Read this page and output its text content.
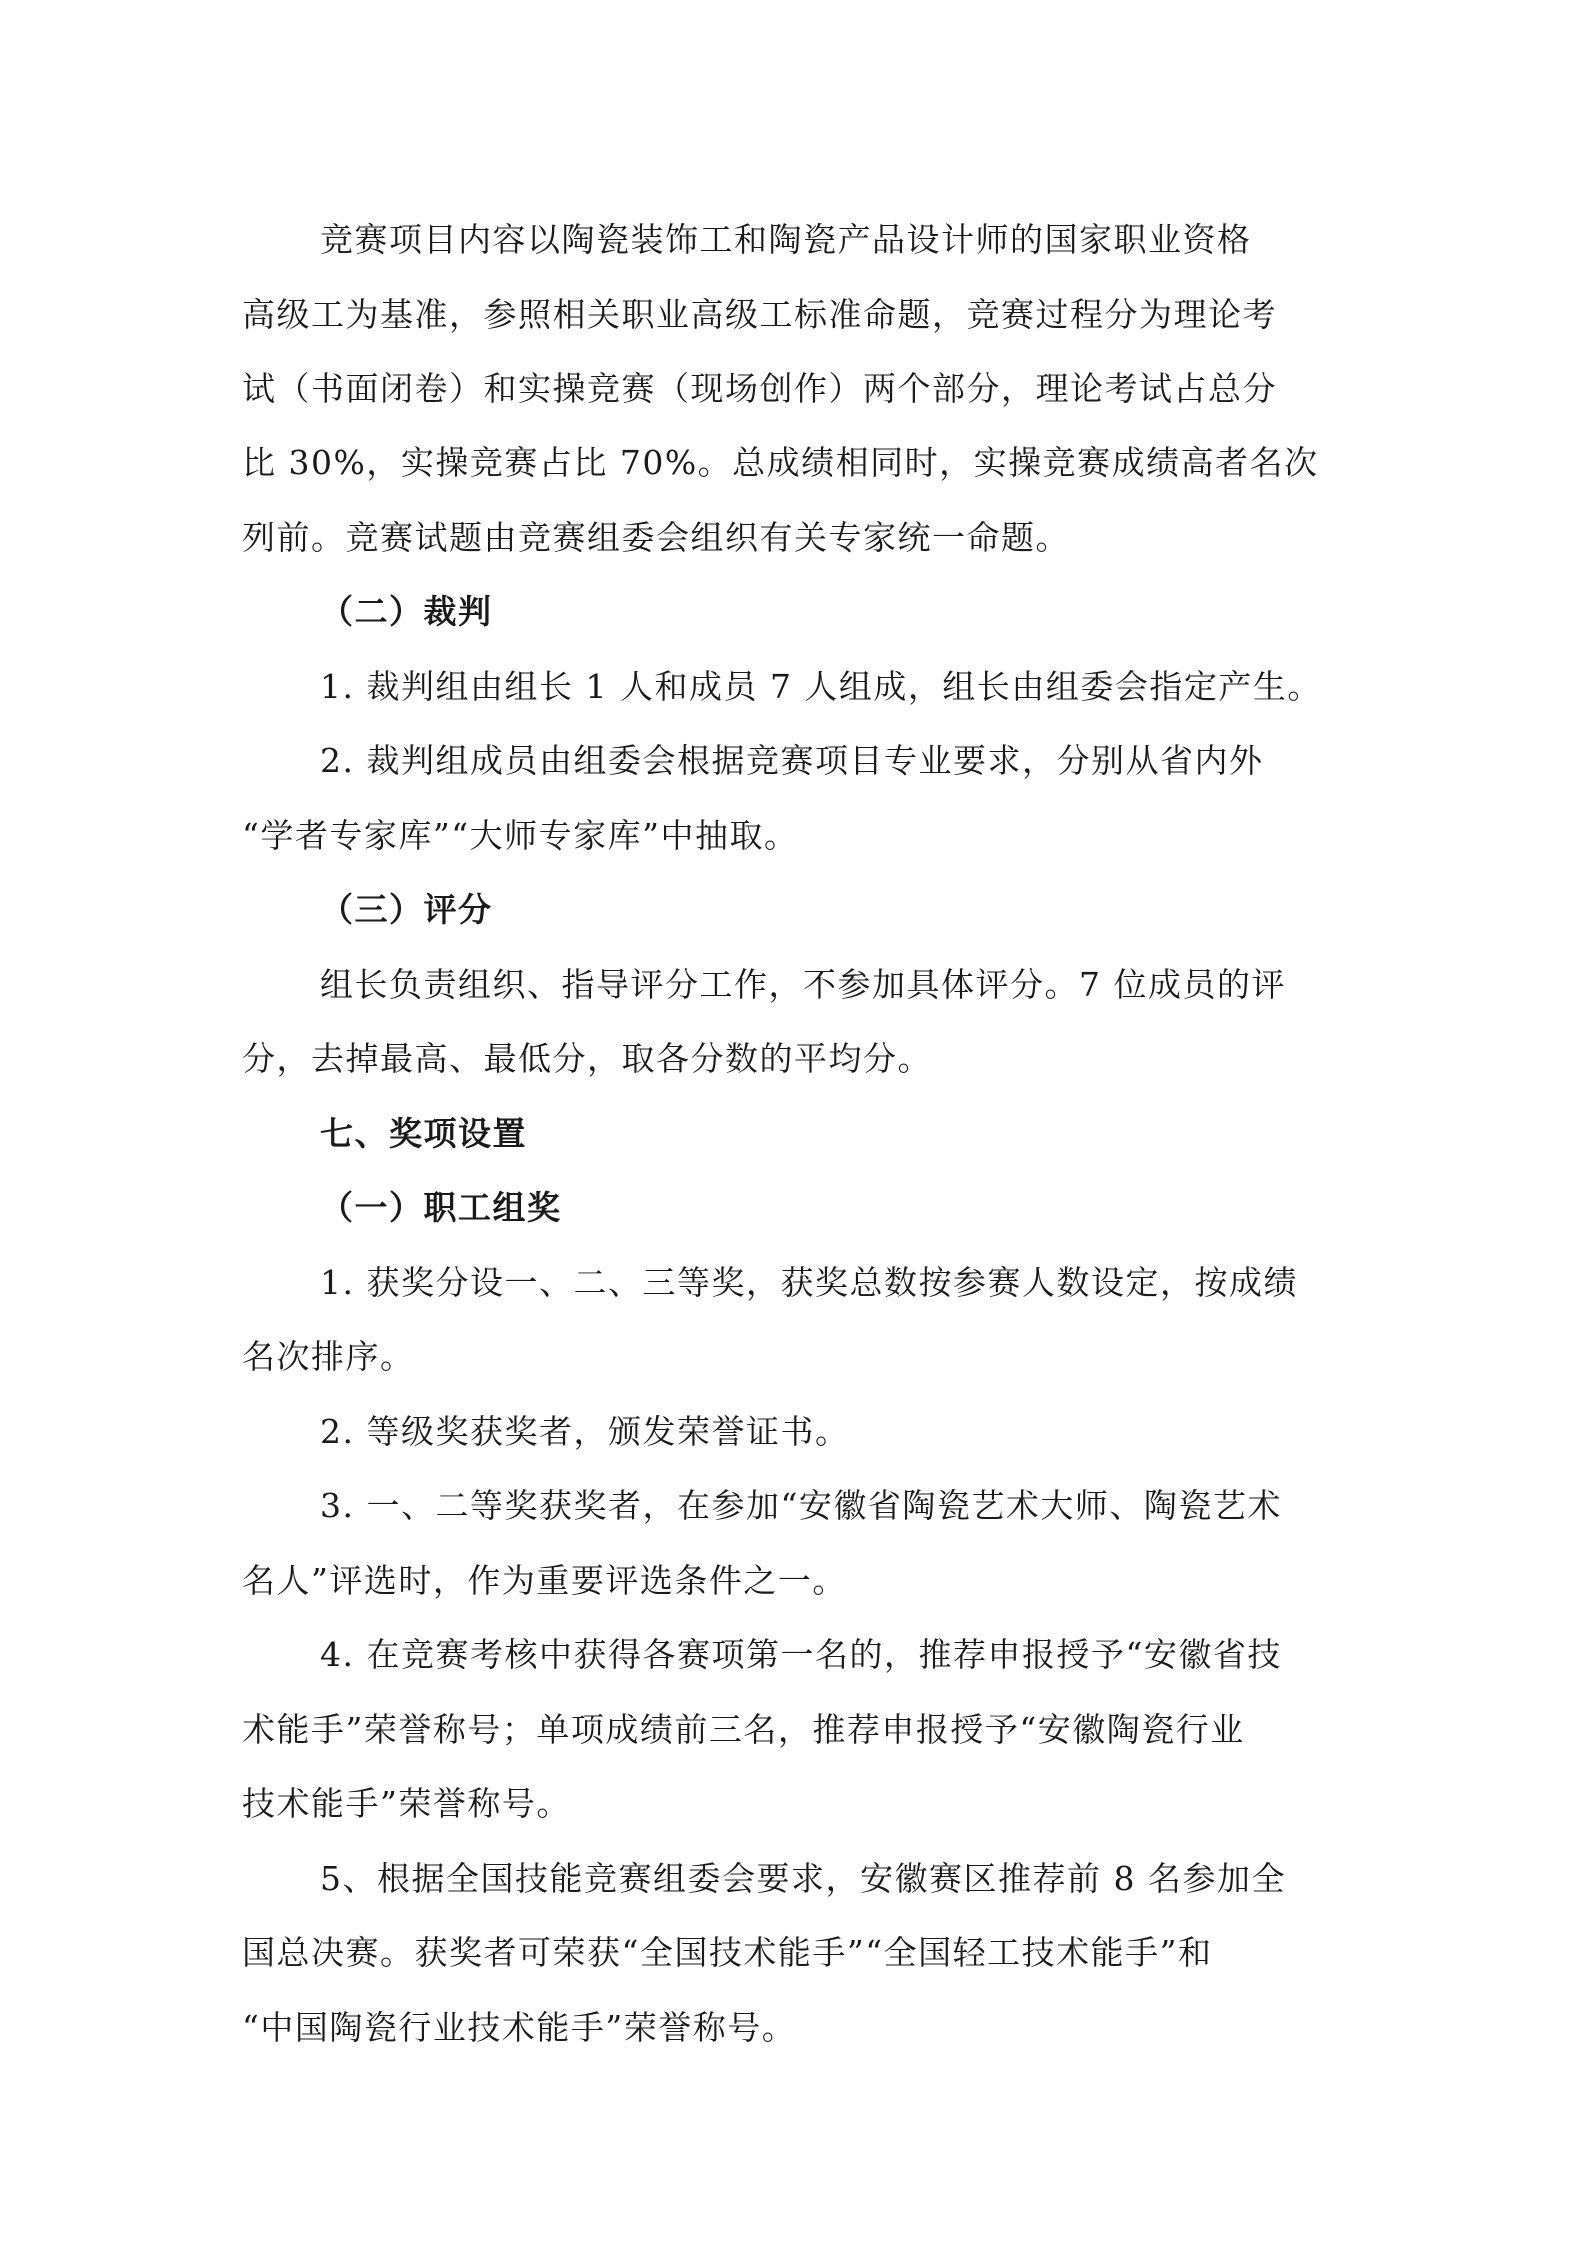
竞赛项目内容以陶瓷装饰工和陶瓷产品设计师的国家职业资格
高级工为基准，参照相关职业高级工标准命题，竞赛过程分为理论考
试（书面闭卷）和实操竞赛（现场创作）两个部分，理论考试占总分
比 30%，实操竞赛占比 70%。总成绩相同时，实操竞赛成绩高者名次
列前。竞赛试题由竞赛组委会组织有关专家统一命题。
（二）裁判
1. 裁判组由组长 1 人和成员 7 人组成，组长由组委会指定产生。
2. 裁判组成员由组委会根据竞赛项目专业要求，分别从省内外
“学者专家库”“大师专家库”中抽取。
（三）评分
组长负责组织、指导评分工作，不参加具体评分。7 位成员的评
分，去掉最高、最低分，取各分数的平均分。
七、奖项设置
（一）职工组奖
1. 获奖分设一、二、三等奖，获奖总数按参赛人数设定，按成绩
名次排序。
2. 等级奖获奖者，颁发荣誉证书。
3. 一、二等奖获奖者，在参加“安徽省陶瓷艺术大师、陶瓷艺术
名人”评选时，作为重要评选条件之一。
4. 在竞赛考核中获得各赛项第一名的，推荐申报授予“安徽省技
术能手”荣誉称号；单项成绩前三名，推荐申报授予“安徽陶瓷行业
技术能手”荣誉称号。
5、根据全国技能竞赛组委会要求，安徽赛区推荐前 8 名参加全
国总决赛。获奖者可荣获“全国技术能手”“全国轻工技术能手”和
“中国陶瓷行业技术能手”荣誉称号。
